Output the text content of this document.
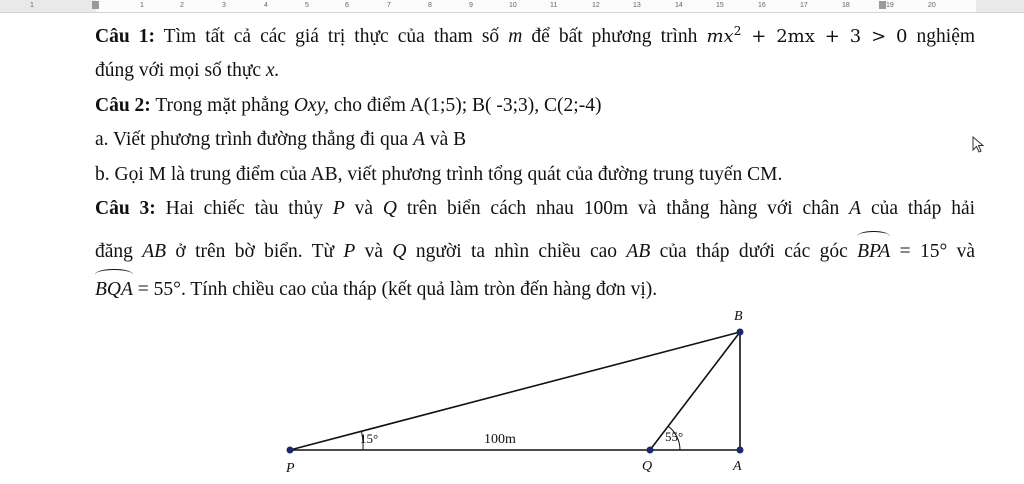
1	1	2	3	4	5	6	7	8	9	10	11	12	13	14	15	16	17	18	19	20

Câu 1: Tìm tất cả các giá trị thực của tham số m để bất phương trình $mx^2 + 2mx + 3 > 0$ nghiệm

đúng với mọi số thực x.

Câu 2: Trong mặt phẳng Oxy, cho điểm A(1;5); B( -3;3), C(2;-4)

a. Viết phương trình đường thẳng đi qua A và B

b. Gọi M là trung điểm của AB, viết phương trình tổng quát của đường trung tuyến CM.

Câu 3: Hai chiếc tàu thủy P và Q trên biển cách nhau 100m và thẳng hàng với chân A của tháp hải

đăng AB ở trên bờ biển. Từ P và Q người ta nhìn chiều cao AB của tháp dưới các góc BPA = 15° và

BQA = 55°. Tính chiều cao của tháp (kết quả làm tròn đến hàng đơn vị).

B
P	Q	A
15°	100m	55°
